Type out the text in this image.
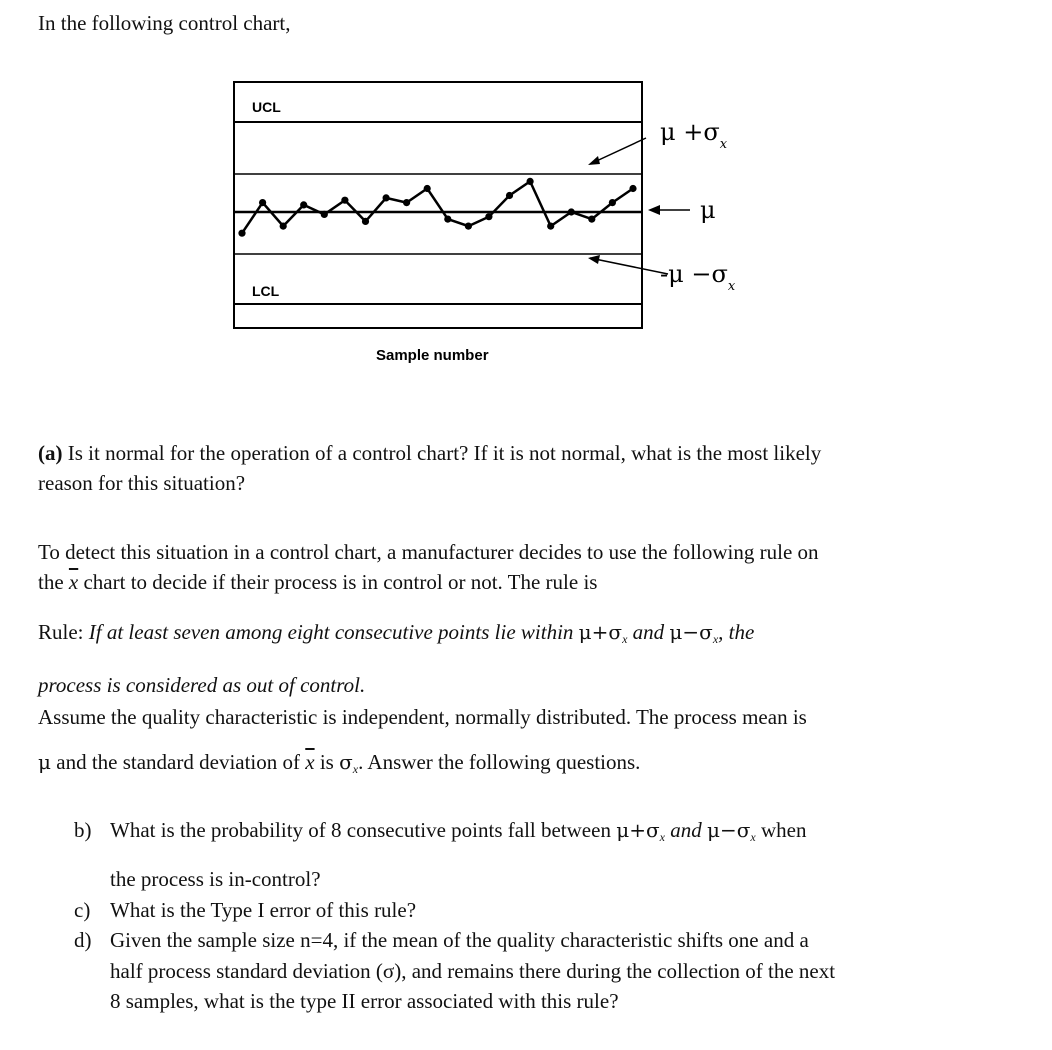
In the following control chart,
UCL
LCL
Sample number
$\mu +\sigma_x$
μ
$-\mu -\sigma_x$
(a) Is it normal for the operation of a control chart? If it is not normal, what is the most likely
reason for this situation?
To detect this situation in a control chart, a manufacturer decides to use the following rule on
the $\overline{x}$ chart to decide if their process is in control or not. The rule is
Rule: If at least seven among eight consecutive points lie within $\mu+\sigma_x$ and $\mu-\sigma_x$, the
process is considered as out of control.
Assume the quality characteristic is independent, normally distributed. The process mean is
μ and the standard deviation of $\overline{x}$ is $\sigma_x$. Answer the following questions.
b) What is the probability of 8 consecutive points fall between $\mu+\sigma_x$ and $\mu-\sigma_x$ when
the process is in-control?
c) What is the Type I error of this rule?
d) Given the sample size n=4, if the mean of the quality characteristic shifts one and a
half process standard deviation (σ), and remains there during the collection of the next
8 samples, what is the type II error associated with this rule?
